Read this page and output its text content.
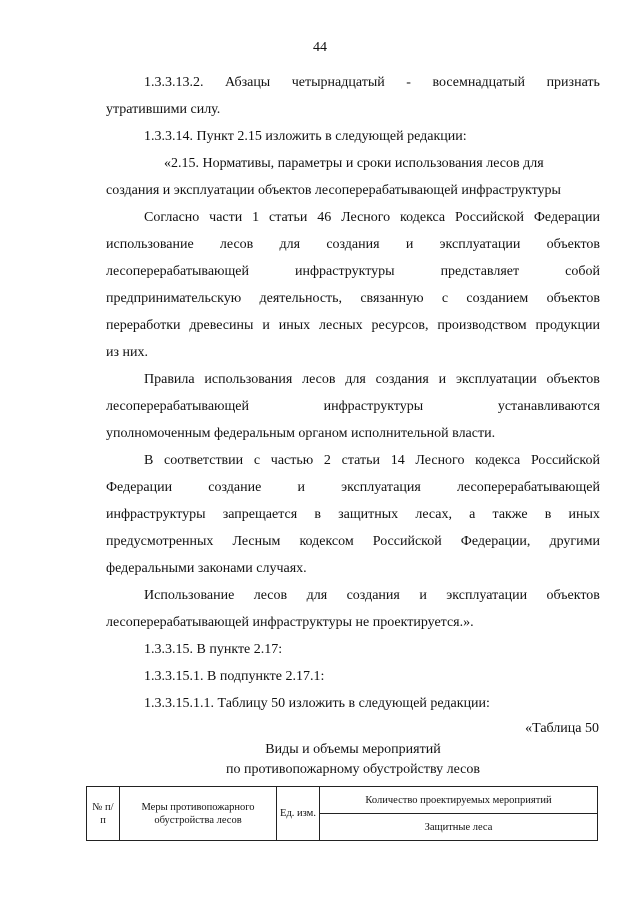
44
1.3.3.13.2. Абзацы четырнадцатый - восемнадцатый признать
утратившими силу.
1.3.3.14. Пункт 2.15 изложить в следующей редакции:
«2.15. Нормативы, параметры и сроки использования лесов для
создания и эксплуатации объектов лесоперерабатывающей инфраструктуры
Согласно части 1 статьи 46 Лесного кодекса Российской Федерации
использование лесов для создания и эксплуатации объектов
лесоперерабатывающей	инфраструктуры	представляет	собой
предпринимательскую деятельность, связанную с созданием объектов
переработки древесины и иных лесных ресурсов, производством продукции
из них.
Правила использования лесов для создания и эксплуатации объектов
лесоперерабатывающей	инфраструктуры	устанавливаются
уполномоченным федеральным органом исполнительной власти.
В соответствии с частью 2 статьи 14 Лесного кодекса Российской
Федерации	создание	и	эксплуатация	лесоперерабатывающей
инфраструктуры запрещается в защитных лесах, а также в иных
предусмотренных Лесным кодексом Российской Федерации, другими
федеральными законами случаях.
Использование лесов для создания и эксплуатации объектов
лесоперерабатывающей инфраструктуры не проектируется.».
1.3.3.15. В пункте 2.17:
1.3.3.15.1. В подпункте 2.17.1:
1.3.3.15.1.1. Таблицу 50 изложить в следующей редакции:
«Таблица 50
Виды и объемы мероприятий
по противопожарному обустройству лесов
№ п/п	Меры противопожарного обустройства лесов	Ед. изм.	Количество проектируемых мероприятий
Защитные леса
